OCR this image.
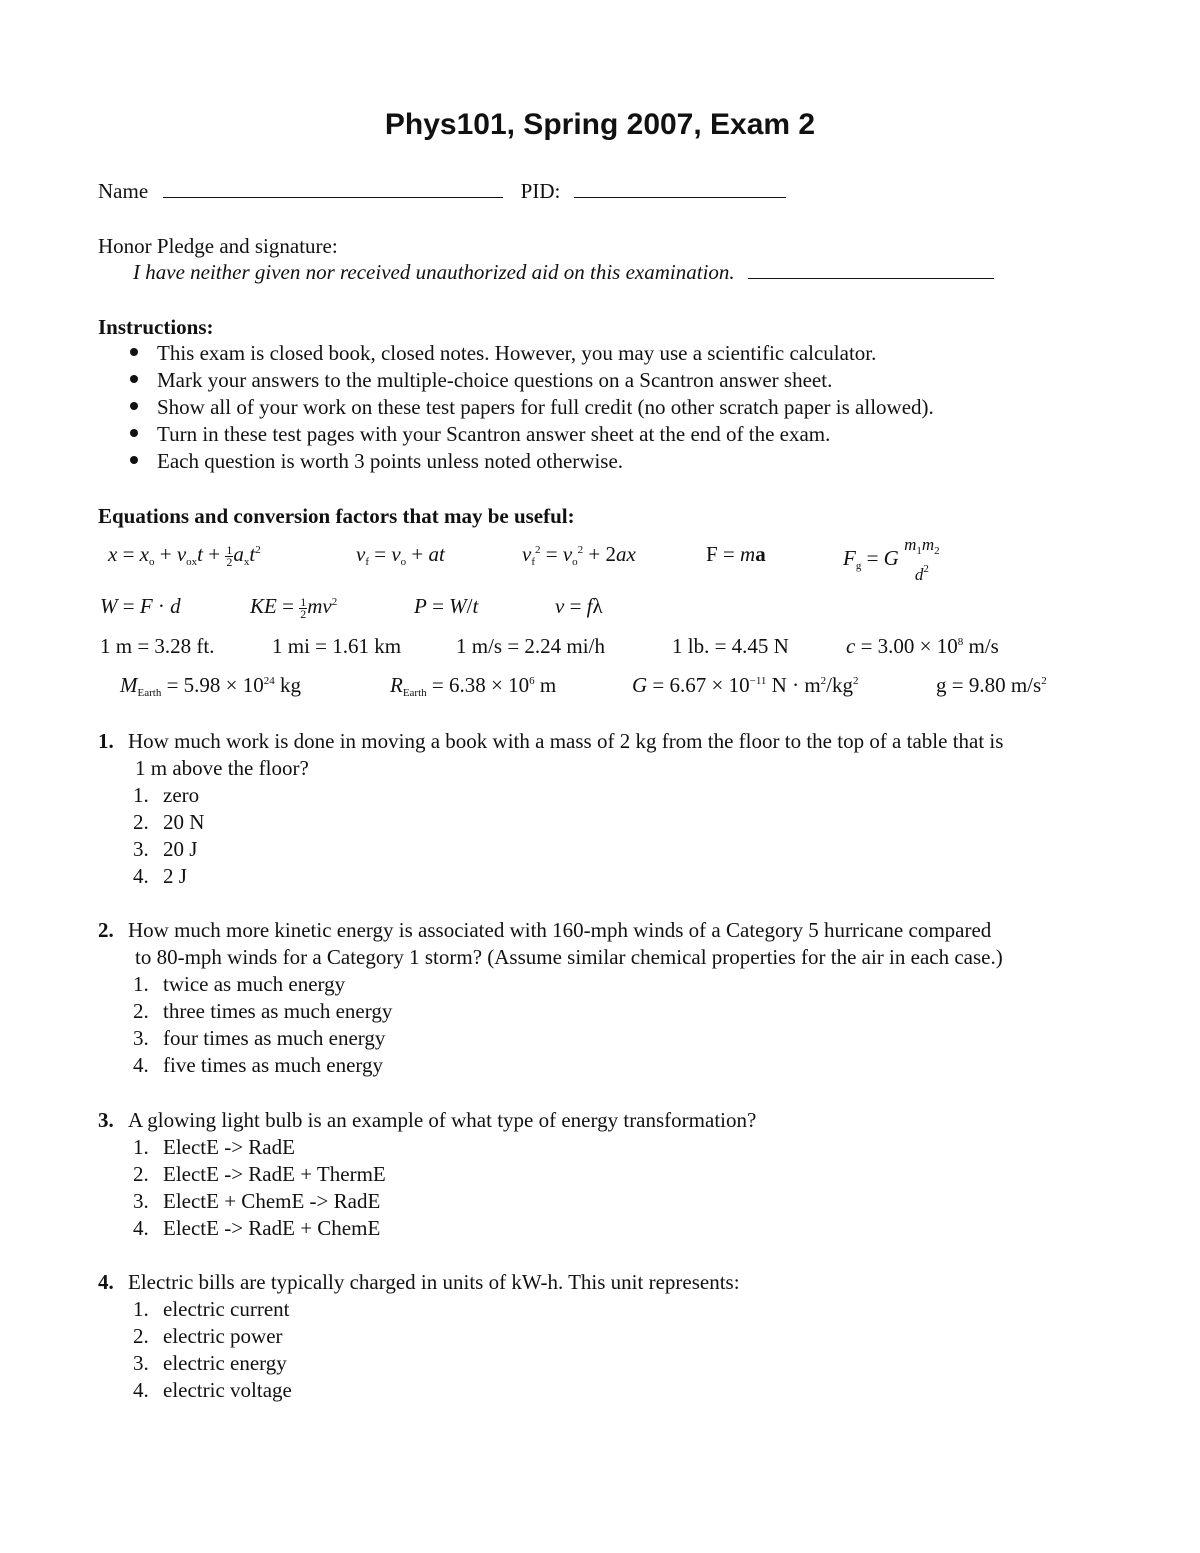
Phys101, Spring 2007, Exam 2
Name	PID:
Honor Pledge and signature:
I have neither given nor received unauthorized aid on this examination.
Instructions:
This exam is closed book, closed notes. However, you may use a scientific calculator.
Mark your answers to the multiple-choice questions on a Scantron answer sheet.
Show all of your work on these test papers for full credit (no other scratch paper is allowed).
Turn in these test pages with your Scantron answer sheet at the end of the exam.
Each question is worth 3 points unless noted otherwise.
Equations and conversion factors that may be useful:
$x = x_o + v_{ox}t + \frac{1}{2} a_xt^2$	$v_f = v_o$ + at	$v_f^2 = v_o^2 + 2ax$	F = ma	$F_g = G$
$m_1m_2$
$d^2$
W = F · d	KE = $\frac{1}{2} mv^2$	P = W/t	v = fλ
1 m = 3.28 ft.	1 mi = 1.61 km	1 m/s = 2.24 mi/h	1 lb. = 4.45 N	$c = 3.00 \times 10^8$ m/s
$M_{Earth} = 5.98 \times 10^{24}$ kg	$R_{Earth} = 6.38 \times 10^6$ m	$G = 6.67 \times 10^{-11}$ $N \cdot m^2/kg^2$	g = 9.80 $m/s^2$
1. How much work is done in moving a book with a mass of 2 kg from the floor to the top of a table that is
1 m above the floor?
1. zero
2. 20 N
3. 20 J
4. 2 J
2. How much more kinetic energy is associated with 160-mph winds of a Category 5 hurricane compared
to 80-mph winds for a Category 1 storm? (Assume similar chemical properties for the air in each case.)
1. twice as much energy
2. three times as much energy
3. four times as much energy
4. five times as much energy
3. A glowing light bulb is an example of what type of energy transformation?
1. ElectE -> RadE
2. ElectE -> RadE + ThermE
3. ElectE + ChemE -> RadE
4. ElectE -> RadE + ChemE
4. Electric bills are typically charged in units of kW-h. This unit represents:
1. electric current
2. electric power
3. electric energy
4. electric voltage
